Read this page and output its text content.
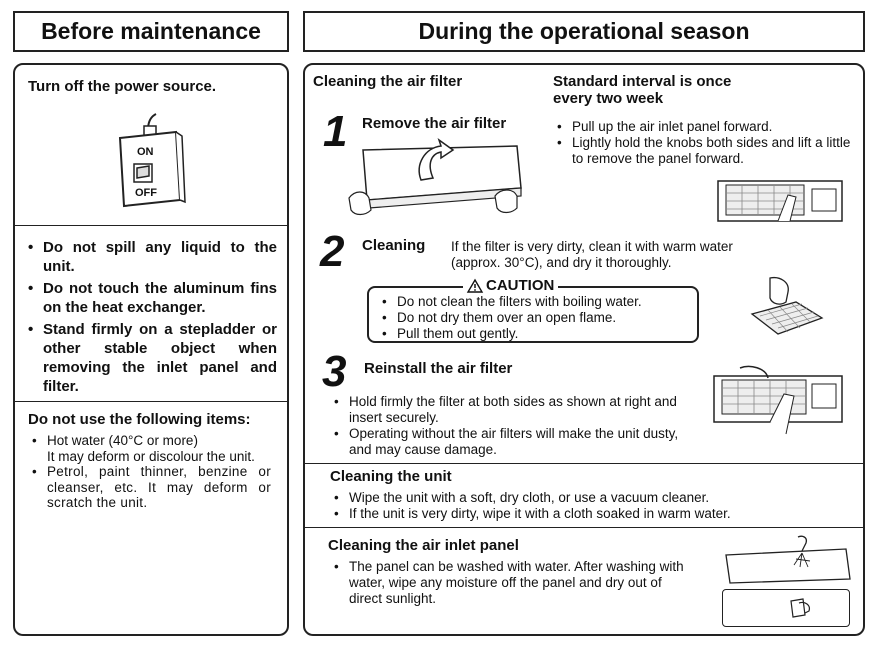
Before maintenance	During the operational season
Turn off the power source.
ON
OFF
• Do not spill any liquid to the unit.
• Do not touch the aluminum fins on the heat exchanger.
• Stand firmly on a stepladder or other stable object when removing the inlet panel and filter.
Do not use the following items:
• Hot water (40°C or more)
It may deform or discolour the unit.
• Petrol, paint thinner, benzine or cleanser, etc. It may deform or scratch the unit.
Cleaning the air filter	Standard interval is once
every two week
1 Remove the air filter
•	Pull up the air inlet panel forward.
• Lightly hold the knobs both sides and lift a little to remove the panel forward.
2 Cleaning If the filter is very dirty, clean it with warm water (approx. 30°C), and dry it thoroughly.
CAUTION
• Do not clean the filters with boiling water.
• Do not dry them over an open flame.
• Pull them out gently.
3 Reinstall the air filter
• Hold firmly the filter at both sides as shown at right and insert securely.
• Operating without the air filters will make the unit dusty, and may cause damage.
Cleaning the unit
• Wipe the unit with a soft, dry cloth, or use a vacuum cleaner.
• If the unit is very dirty, wipe it with a cloth soaked in warm water.
Cleaning the air inlet panel
• The panel can be washed with water. After washing with water, wipe any moisture off the panel and dry out of direct sunlight.
